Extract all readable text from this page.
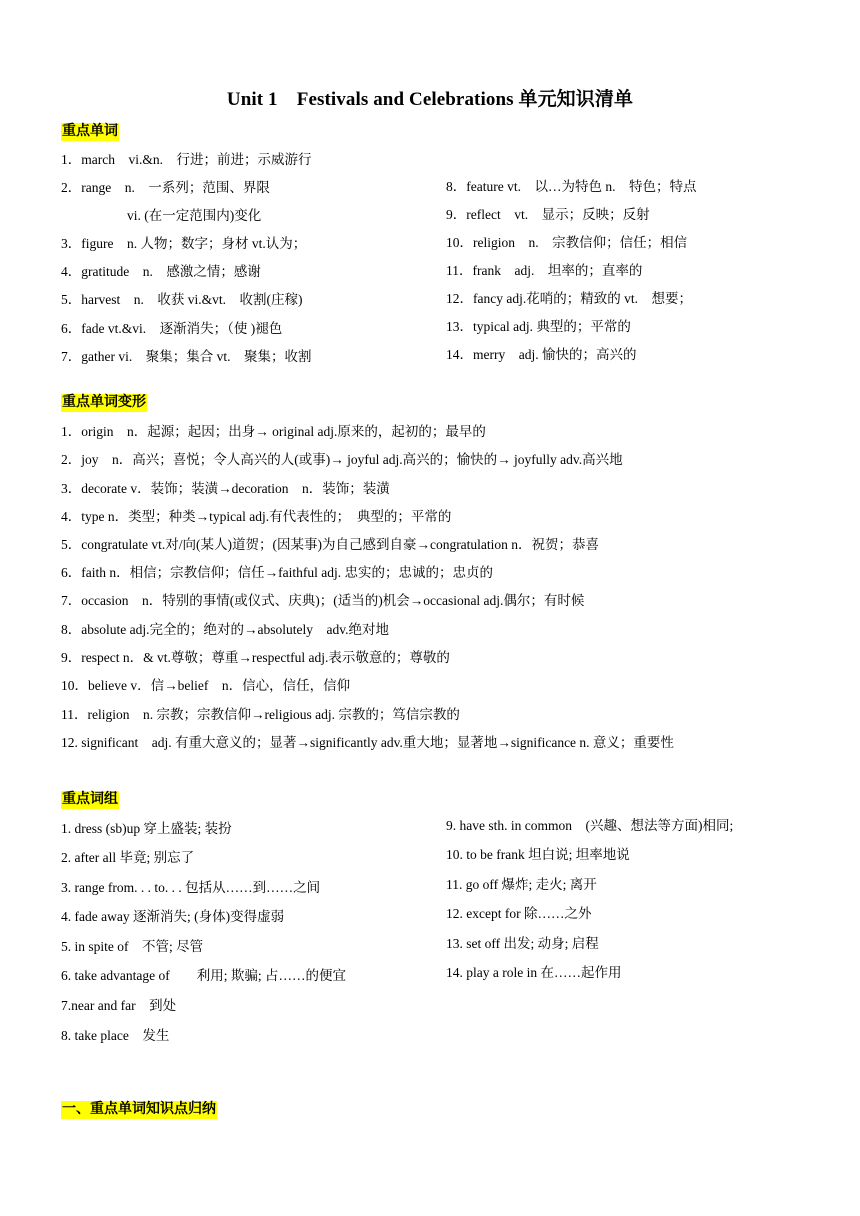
Unit 1　Festivals and Celebrations 单元知识清单
重点单词
1．march　vi.&n.　行进；前进；示威游行
2．range　n.　一系列；范围、界限
vi. (在一定范围内)变化
3．figure　n. 人物；数字；身材 vt.认为；
4．gratitude　n.　感激之情；感谢
5．harvest　n.　收获 vi.&vt.　收割(庄稼)
6．fade vt.&vi.　逐渐消失；（使 )褪色
7．gather vi.　聚集；集合 vt.　聚集；收割
8．feature vt.　以…为特色 n.　特色；特点
9．reflect　vt.　显示；反映；反射
10．religion　n.　宗教信仰；信任；相信
11．frank　adj.　坦率的；直率的
12．fancy adj.花哨的；精致的 vt.　想要；
13．typical adj. 典型的；平常的
14．merry　adj. 愉快的；高兴的
重点单词变形
1．origin　n．起源；起因；出身→ original adj.原来的，起初的；最早的
2．joy　n．高兴；喜悦；令人高兴的人(或事)→ joyful adj.高兴的；愉快的→ joyfully adv.高兴地
3．decorate v．装饰；装潢→decoration　n．装饰；装潢
4．type n．类型；种类→typical adj.有代表性的；　典型的；平常的
5．congratulate vt.对/向(某人)道贺；(因某事)为自己感到自豪→congratulation n．祝贺；恭喜
6．faith n．相信；宗教信仰；信任→faithful adj. 忠实的；忠诚的；忠贞的
7．occasion　n．特别的事情(或仪式、庆典)；(适当的)机会→occasional adj.偶尔；有时候
8．absolute adj.完全的；绝对的→absolutely　adv.绝对地
9．respect n．& vt.尊敬；尊重→respectful adj.表示敬意的；尊敬的
10．believe v．信→belief　n．信心，信任，信仰
11．religion　n. 宗教；宗教信仰→religious adj. 宗教的；笃信宗教的
12. significant　adj. 有重大意义的；显著→significantly adv.重大地；显著地→significance n. 意义；重要性
重点词组
1. dress (sb)up 穿上盛装; 装扮
2. after all 毕竟; 别忘了
3. range from. . . to. . . 包括从……到……之间
4. fade away 逐渐消失; (身体)变得虚弱
5. in spite of　不管; 尽管
6. take advantage of　　利用; 欺骗; 占……的便宜
7.near and far　到处
8. take place　发生
9. have sth. in common　(兴趣、想法等方面)相同;
10. to be frank 坦白说; 坦率地说
11. go off 爆炸; 走火; 离开
12. except for 除……之外
13. set off 出发; 动身; 启程
14. play a role in 在……起作用
一、重点单词知识点归纳
